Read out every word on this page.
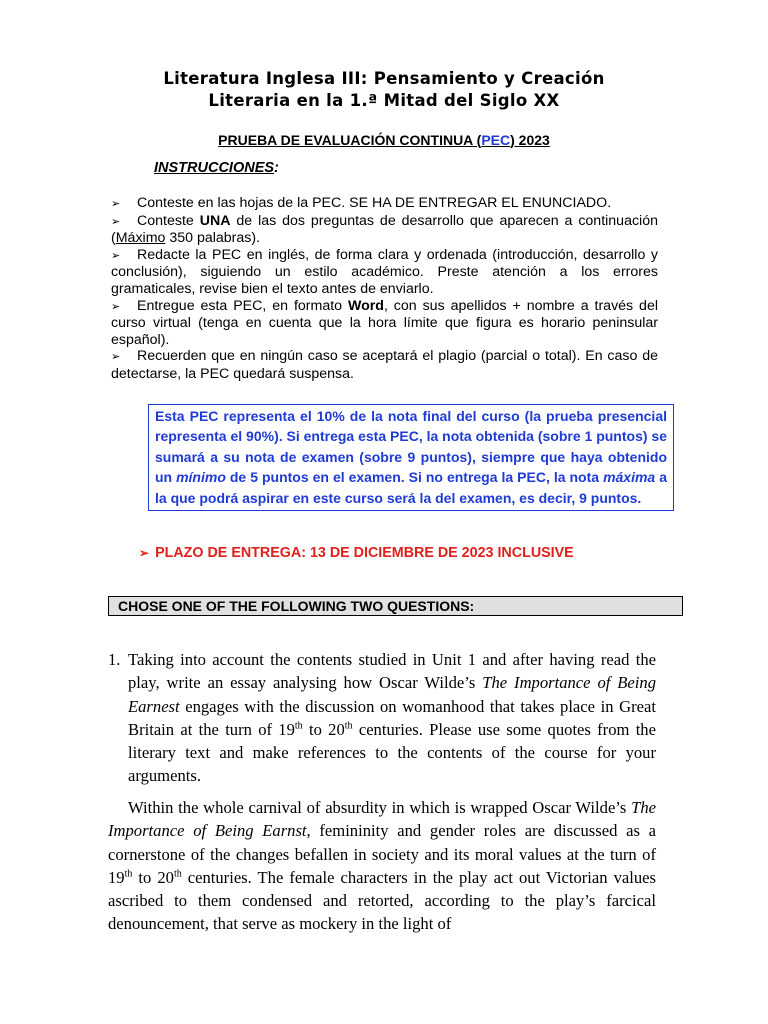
Literatura Inglesa III: Pensamiento y Creación
Literaria en la 1.ª Mitad del Siglo XX
PRUEBA DE EVALUACIÓN CONTINUA (PEC) 2023
INSTRUCCIONES:

➢ Conteste en las hojas de la PEC. SE HA DE ENTREGAR EL ENUNCIADO.

➢ Conteste UNA de las dos preguntas de desarrollo que aparecen a continuación (Máximo 350 palabras).

➢ Redacte la PEC en inglés, de forma clara y ordenada (introducción, desarrollo y conclusión), siguiendo un estilo académico. Preste atención a los errores gramaticales, revise bien el texto antes de enviarlo.

➢ Entregue esta PEC, en formato Word, con sus apellidos + nombre a través del curso virtual (tenga en cuenta que la hora límite que figura es horario peninsular español).

➢ Recuerden que en ningún caso se aceptará el plagio (parcial o total). En caso de detectarse, la PEC quedará suspensa.

Esta PEC representa el 10% de la nota final del curso (la prueba presencial representa el 90%). Si entrega esta PEC, la nota obtenida (sobre 1 puntos) se sumará a su nota de examen (sobre 9 puntos), siempre que haya obtenido un mínimo de 5 puntos en el examen. Si no entrega la PEC, la nota máxima a la que podrá aspirar en este curso será la del examen, es decir, 9 puntos.
➢ PLAZO DE ENTREGA: 13 DE DICIEMBRE DE 2023 INCLUSIVE
CHOSE ONE OF THE FOLLOWING TWO QUESTIONS:
1. Taking into account the contents studied in Unit 1 and after having read the play, write an essay analysing how Oscar Wilde’s The Importance of Being Earnest engages with the discussion on womanhood that takes place in Great Britain at the turn of 19th to 20th centuries. Please use some quotes from the literary text and make references to the contents of the course for your arguments.

Within the whole carnival of absurdity in which is wrapped Oscar Wilde’s The Importance of Being Earnst, femininity and gender roles are discussed as a cornerstone of the changes befallen in society and its moral values at the turn of 19th to 20th centuries. The female characters in the play act out Victorian values ascribed to them condensed and retorted, according to the play’s farcical denouncement, that serve as mockery in the light of
